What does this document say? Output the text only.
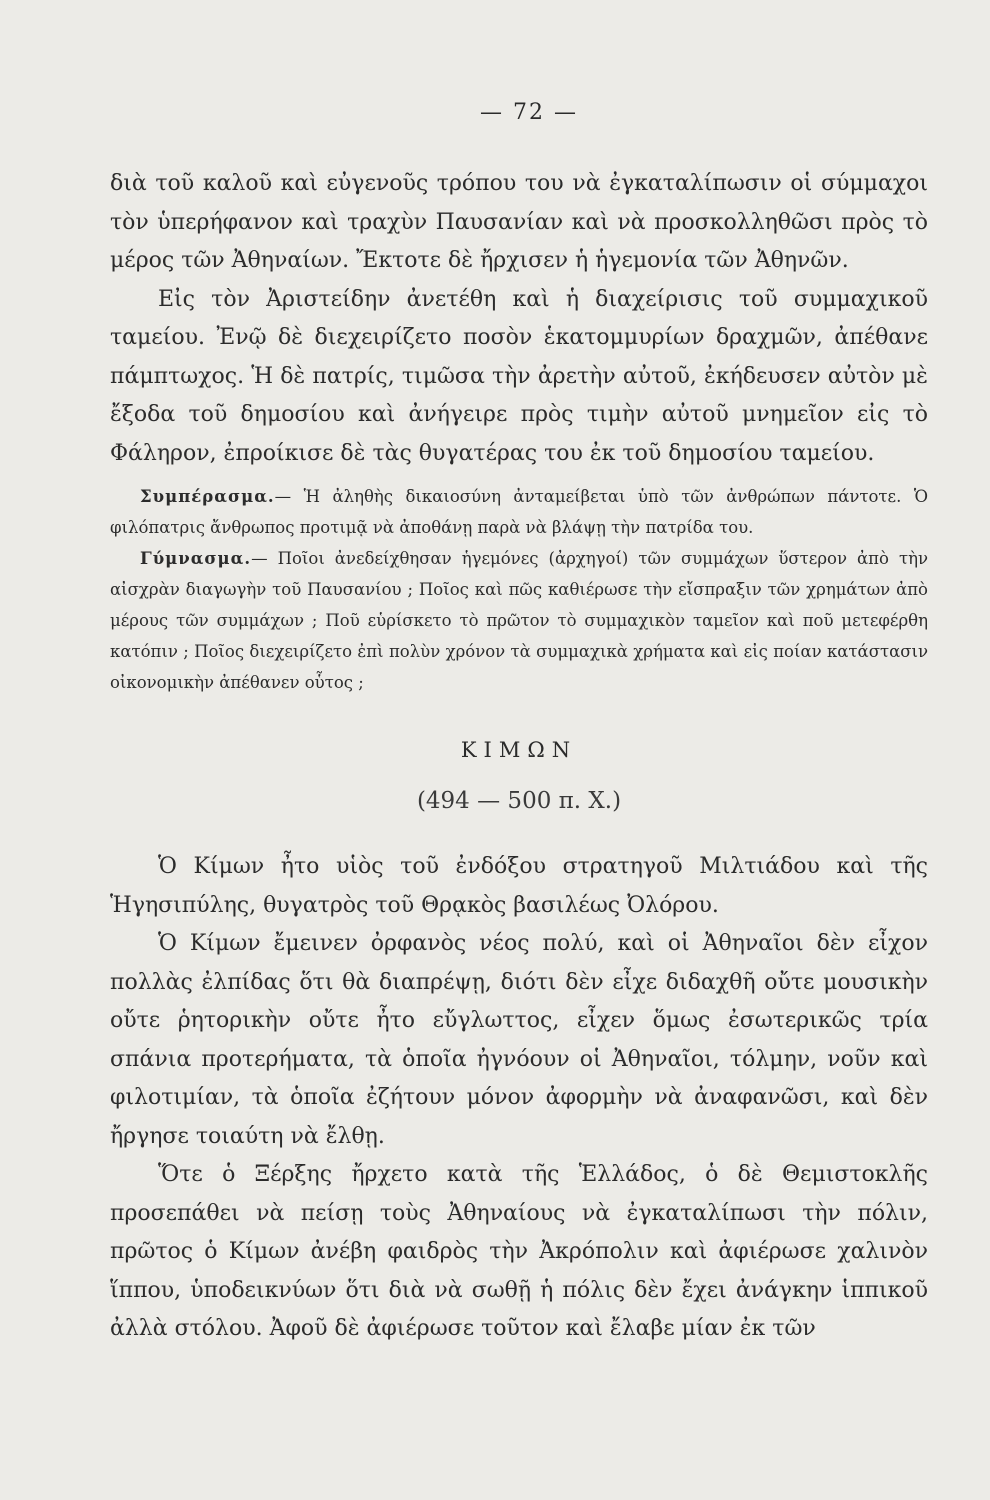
— 72 —

διὰ τοῦ καλοῦ καὶ εὐγενοῦς τρόπου του νὰ ἐγκαταλίπωσιν οἱ σύμμαχοι τὸν ὑπερήφανον καὶ τραχὺν Παυσανίαν καὶ νὰ προσκολληθῶσι πρὸς τὸ μέρος τῶν Ἀθηναίων. Ἔκτοτε δὲ ἤρχισεν ἡ ἡγεμονία τῶν Ἀθηνῶν.

Εἰς τὸν Ἀριστείδην ἀνετέθη καὶ ἡ διαχείρισις τοῦ συμμαχικοῦ ταμείου. Ἐνῷ δὲ διεχειρίζετο ποσὸν ἑκατομμυρίων δραχμῶν, ἀπέθανε πάμπτωχος. Ἡ δὲ πατρίς, τιμῶσα τὴν ἀρετὴν αὐτοῦ, ἐκήδευσεν αὐτὸν μὲ ἔξοδα τοῦ δημοσίου καὶ ἀνήγειρε πρὸς τιμὴν αὐτοῦ μνημεῖον εἰς τὸ Φάληρον, ἐπροίκισε δὲ τὰς θυγατέρας του ἐκ τοῦ δημοσίου ταμείου.

Συμπέρασμα.— Ἡ ἀληθὴς δικαιοσύνη ἀνταμείβεται ὑπὸ τῶν ἀνθρώπων πάντοτε. Ὁ φιλόπατρις ἄνθρωπος προτιμᾷ νὰ ἀποθάνῃ παρὰ νὰ βλάψῃ τὴν πατρίδα του.

Γύμνασμα.— Ποῖοι ἀνεδείχθησαν ἡγεμόνες (ἀρχηγοί) τῶν συμμάχων ὕστερον ἀπὸ τὴν αἰσχρὰν διαγωγὴν τοῦ Παυσανίου ; Ποῖος καὶ πῶς καθιέρωσε τὴν εἴσπραξιν τῶν χρημάτων ἀπὸ μέρους τῶν συμμάχων ; Ποῦ εὑρίσκετο τὸ πρῶτον τὸ συμμαχικὸν ταμεῖον καὶ ποῦ μετεφέρθη κατόπιν ; Ποῖος διεχειρίζετο ἐπὶ πολὺν χρόνον τὰ συμμαχικὰ χρήματα καὶ εἰς ποίαν κατάστασιν οἰκονομικὴν ἀπέθανεν οὗτος ;

ΚΙΜΩΝ
(494 — 500 π. Χ.)

Ὁ Κίμων ἦτο υἱὸς τοῦ ἐνδόξου στρατηγοῦ Μιλτιάδου καὶ τῆς Ἡγησιπύλης, θυγατρὸς τοῦ Θρᾳκὸς βασιλέως Ὀλόρου.

Ὁ Κίμων ἔμεινεν ὀρφανὸς νέος πολύ, καὶ οἱ Ἀθηναῖοι δὲν εἶχον πολλὰς ἐλπίδας ὅτι θὰ διαπρέψῃ, διότι δὲν εἶχε διδαχθῆ οὔτε μουσικὴν οὔτε ῥητορικὴν οὔτε ἦτο εὔγλωττος, εἶχεν ὅμως ἐσωτερικῶς τρία σπάνια προτερήματα, τὰ ὁποῖα ἠγνόουν οἱ Ἀθηναῖοι, τόλμην, νοῦν καὶ φιλοτιμίαν, τὰ ὁποῖα ἐζήτουν μόνον ἀφορμὴν νὰ ἀναφανῶσι, καὶ δὲν ἤργησε τοιαύτη νὰ ἔλθῃ.

Ὅτε ὁ Ξέρξης ἤρχετο κατὰ τῆς Ἑλλάδος, ὁ δὲ Θεμιστοκλῆς προσεπάθει νὰ πείσῃ τοὺς Ἀθηναίους νὰ ἐγκαταλίπωσι τὴν πόλιν, πρῶτος ὁ Κίμων ἀνέβη φαιδρὸς τὴν Ἀκρόπολιν καὶ ἀφιέρωσε χαλινὸν ἵππου, ὑποδεικνύων ὅτι διὰ νὰ σωθῇ ἡ πόλις δὲν ἔχει ἀνάγκην ἱππικοῦ ἀλλὰ στόλου. Ἀφοῦ δὲ ἀφιέρωσε τοῦτον καὶ ἔλαβε μίαν ἐκ τῶν
